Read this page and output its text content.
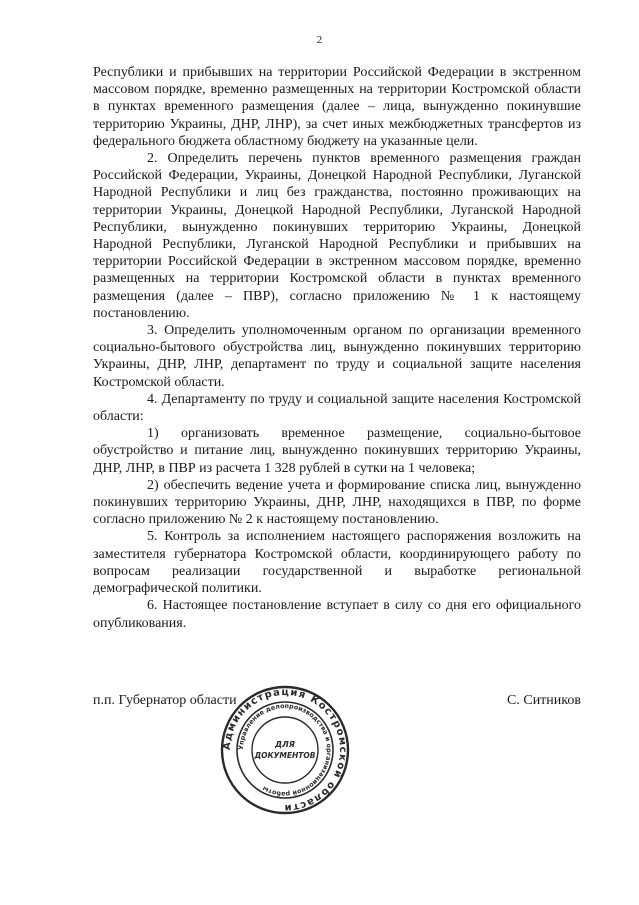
2

Республики и прибывших на территории Российской Федерации в экстренном массовом порядке, временно размещенных на территории Костромской области в пунктах временного размещения (далее – лица, вынужденно покинувшие территорию Украины, ДНР, ЛНР), за счет иных межбюджетных трансфертов из федерального бюджета областному бюджету на указанные цели.

2. Определить перечень пунктов временного размещения граждан Российской Федерации, Украины, Донецкой Народной Республики, Луганской Народной Республики и лиц без гражданства, постоянно проживающих на территории Украины, Донецкой Народной Республики, Луганской Народной Республики, вынужденно покинувших территорию Украины, Донецкой Народной Республики, Луганской Народной Республики и прибывших на территории Российской Федерации в экстренном массовом порядке, временно размещенных на территории Костромской области в пунктах временного размещения (далее – ПВР), согласно приложению № 1 к настоящему постановлению.

3. Определить уполномоченным органом по организации временного социально-бытового обустройства лиц, вынужденно покинувших территорию Украины, ДНР, ЛНР, департамент по труду и социальной защите населения Костромской области.

4. Департаменту по труду и социальной защите населения Костромской области:

1) организовать временное размещение, социально-бытовое обустройство и питание лиц, вынужденно покинувших территорию Украины, ДНР, ЛНР, в ПВР из расчета 1 328 рублей в сутки на 1 человека;

2) обеспечить ведение учета и формирование списка лиц, вынужденно покинувших территорию Украины, ДНР, ЛНР, находящихся в ПВР, по форме согласно приложению № 2 к настоящему постановлению.

5. Контроль за исполнением настоящего распоряжения возложить на заместителя губернатора Костромской области, координирующего работу по вопросам реализации государственной и выработке региональной демографической политики.

6. Настоящее постановление вступает в силу со дня его официального опубликования.

п.п. Губернатор области	С. Ситников
Администрация Костромской области
Управление делопроизводства и организационной работы
ДЛЯ
ДОКУМЕНТОВ
